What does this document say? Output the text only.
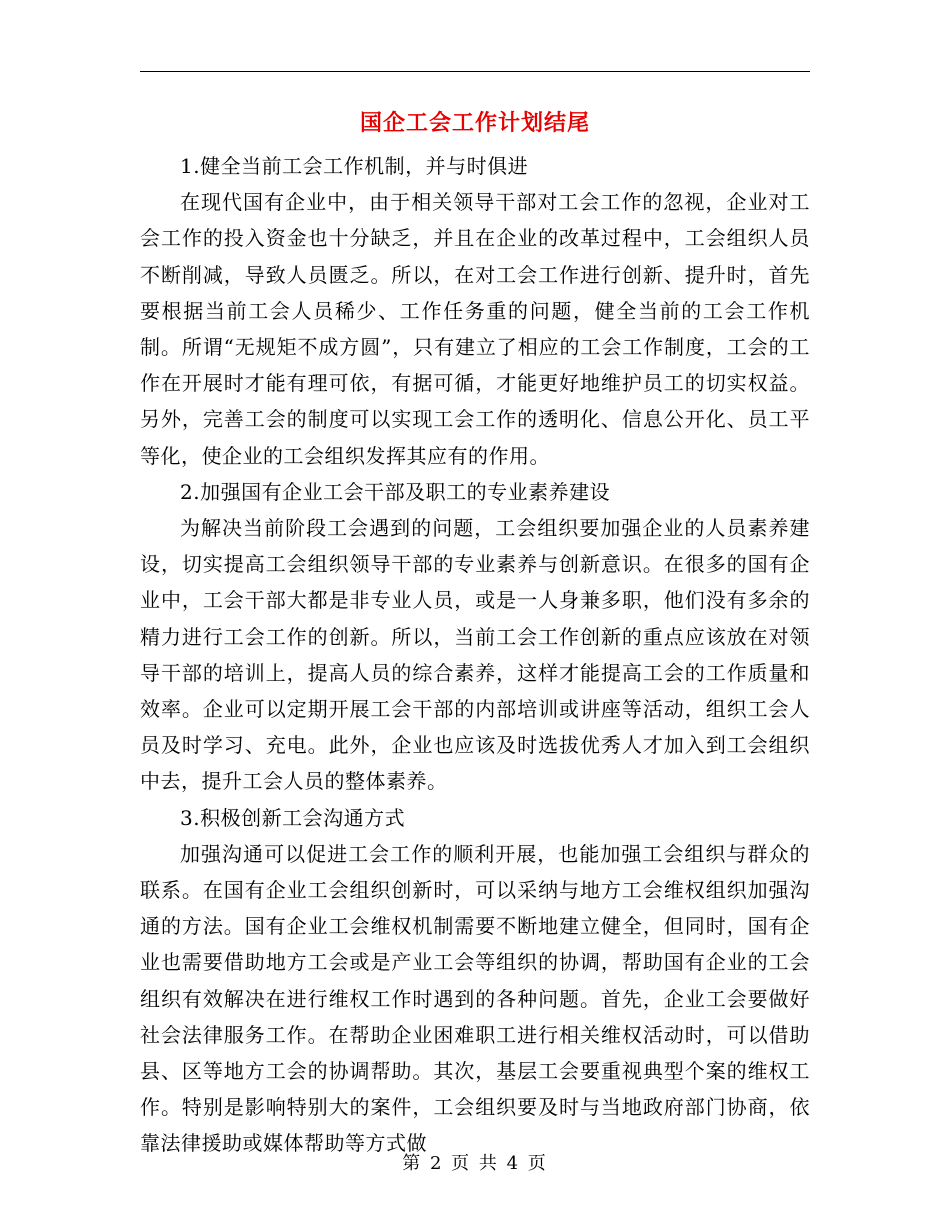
国企工会工作计划结尾

1.健全当前工会工作机制，并与时俱进

在现代国有企业中，由于相关领导干部对工会工作的忽视，企业对工会工作的投入资金也十分缺乏，并且在企业的改革过程中，工会组织人员不断削减，导致人员匮乏。所以，在对工会工作进行创新、提升时，首先要根据当前工会人员稀少、工作任务重的问题，健全当前的工会工作机制。所谓“无规矩不成方圆”，只有建立了相应的工会工作制度，工会的工作在开展时才能有理可依，有据可循，才能更好地维护员工的切实权益。另外，完善工会的制度可以实现工会工作的透明化、信息公开化、员工平等化，使企业的工会组织发挥其应有的作用。

2.加强国有企业工会干部及职工的专业素养建设

为解决当前阶段工会遇到的问题，工会组织要加强企业的人员素养建设，切实提高工会组织领导干部的专业素养与创新意识。在很多的国有企业中，工会干部大都是非专业人员，或是一人身兼多职，他们没有多余的精力进行工会工作的创新。所以，当前工会工作创新的重点应该放在对领导干部的培训上，提高人员的综合素养，这样才能提高工会的工作质量和效率。企业可以定期开展工会干部的内部培训或讲座等活动，组织工会人员及时学习、充电。此外，企业也应该及时选拔优秀人才加入到工会组织中去，提升工会人员的整体素养。

3.积极创新工会沟通方式

加强沟通可以促进工会工作的顺利开展，也能加强工会组织与群众的联系。在国有企业工会组织创新时，可以采纳与地方工会维权组织加强沟通的方法。国有企业工会维权机制需要不断地建立健全，但同时，国有企业也需要借助地方工会或是产业工会等组织的协调，帮助国有企业的工会组织有效解决在进行维权工作时遇到的各种问题。首先，企业工会要做好社会法律服务工作。在帮助企业困难职工进行相关维权活动时，可以借助县、区等地方工会的协调帮助。其次，基层工会要重视典型个案的维权工作。特别是影响特别大的案件，工会组织要及时与当地政府部门协商，依靠法律援助或媒体帮助等方式做

第 2 页 共 4 页
